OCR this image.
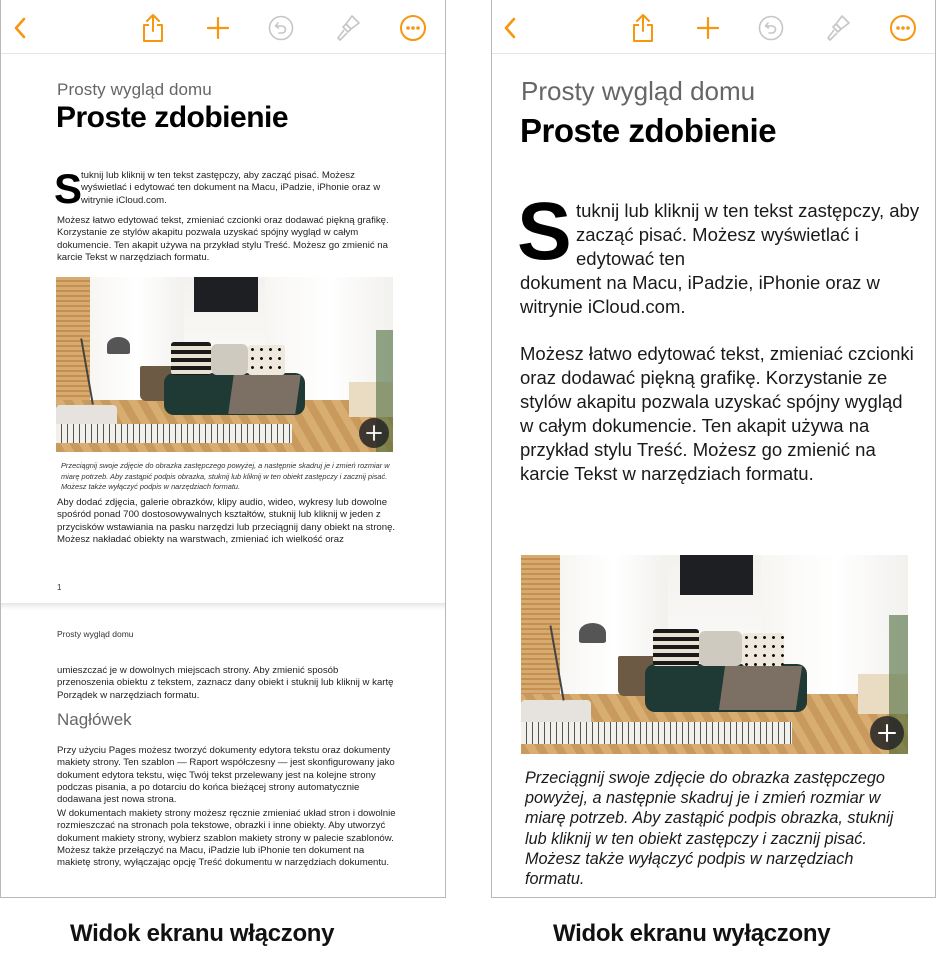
Prosty wygląd domu
Proste zdobienie
S
tuknij lub kliknij w ten tekst zastępczy, aby zacząć pisać. Możesz wyświetlać i edytować ten dokument na Macu, iPadzie, iPhonie oraz w witrynie iCloud.com.
Możesz łatwo edytować tekst, zmieniać czcionki oraz dodawać piękną grafikę. Korzystanie ze stylów akapitu pozwala uzyskać spójny wygląd w całym dokumencie. Ten akapit używa na przykład stylu Treść. Możesz go zmienić na karcie Tekst w narzędziach formatu.
Przeciągnij swoje zdjęcie do obrazka zastępczego powyżej, a następnie skadruj je i zmień rozmiar w miarę potrzeb. Aby zastąpić podpis obrazka, stuknij lub kliknij w ten obiekt zastępczy i zacznij pisać. Możesz także wyłączyć podpis w narzędziach formatu.
Aby dodać zdjęcia, galerie obrazków, klipy audio, wideo, wykresy lub dowolne spośród ponad 700 dostosowywalnych kształtów, stuknij lub kliknij w jeden z przycisków wstawiania na pasku narzędzi lub przeciągnij dany obiekt na stronę. Możesz nakładać obiekty na warstwach, zmieniać ich wielkość oraz
1
Prosty wygląd domu
umieszczać je w dowolnych miejscach strony. Aby zmienić sposób przenoszenia obiektu z tekstem, zaznacz dany obiekt i stuknij lub kliknij w kartę Porządek w narzędziach formatu.
Nagłówek
Przy użyciu Pages możesz tworzyć dokumenty edytora tekstu oraz dokumenty makiety strony. Ten szablon — Raport współczesny — jest skonfigurowany jako dokument edytora tekstu, więc Twój tekst przelewany jest na kolejne strony podczas pisania, a po dotarciu do końca bieżącej strony automatycznie dodawana jest nowa strona.
W dokumentach makiety strony możesz ręcznie zmieniać układ stron i dowolnie rozmieszczać na stronach pola tekstowe, obrazki i inne obiekty. Aby utworzyć dokument makiety strony, wybierz szablon makiety strony w palecie szablonów. Możesz także przełączyć na Macu, iPadzie lub iPhonie ten dokument na makietę strony, wyłączając opcję Treść dokumentu w narzędziach dokumentu.
Prosty wygląd domu
Proste zdobienie
S tuknij lub kliknij w ten tekst zastępczy, aby zacząć pisać. Możesz wyświetlać i edytować ten
dokument na Macu, iPadzie, iPhonie oraz w witrynie iCloud.com.
Możesz łatwo edytować tekst, zmieniać czcionki oraz dodawać piękną grafikę. Korzystanie ze stylów akapitu pozwala uzyskać spójny wygląd w całym dokumencie. Ten akapit używa na przykład stylu Treść. Możesz go zmienić na karcie Tekst w narzędziach formatu.
Przeciągnij swoje zdjęcie do obrazka zastępczego powyżej, a następnie skadruj je i zmień rozmiar w miarę potrzeb. Aby zastąpić podpis obrazka, stuknij lub kliknij w ten obiekt zastępczy i zacznij pisać. Możesz także wyłączyć podpis w narzędziach formatu.
Widok ekranu włączony	Widok ekranu wyłączony
